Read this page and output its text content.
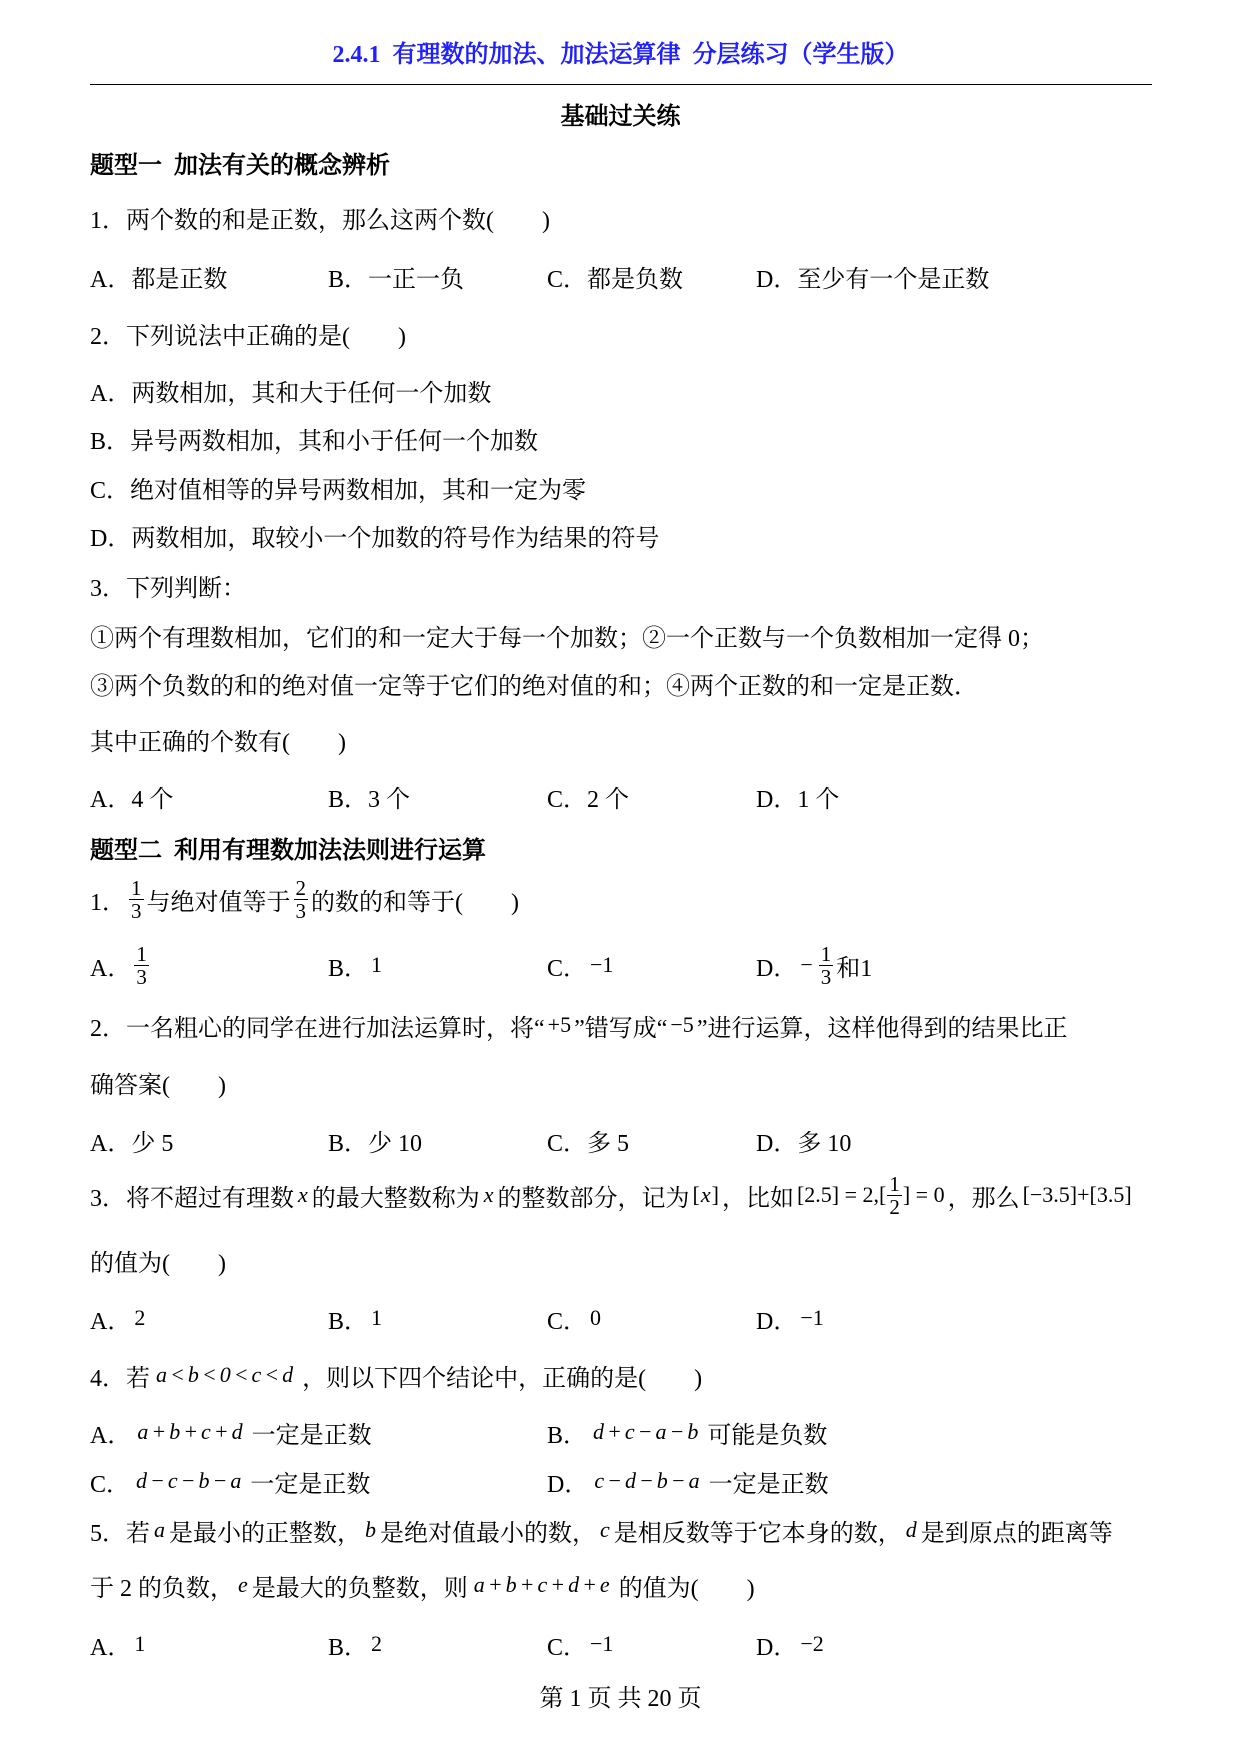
2.4.1  有理数的加法、加法运算律  分层练习（学生版）
基础过关练
题型一  加法有关的概念辨析
1．两个数的和是正数，那么这两个数(　　)
A．都是正数	B．一正一负	C．都是负数	D．至少有一个是正数
2．下列说法中正确的是(　　)
A．两数相加，其和大于任何一个加数
B．异号两数相加，其和小于任何一个加数
C．绝对值相等的异号两数相加，其和一定为零
D．两数相加，取较小一个加数的符号作为结果的符号
3．下列判断：
①两个有理数相加，它们的和一定大于每一个加数；②一个正数与一个负数相加一定得 0；
③两个负数的和的绝对值一定等于它们的绝对值的和；④两个正数的和一定是正数．
其中正确的个数有(　　)
A．4 个	B．3 个	C．2 个	D．1 个
题型二  利用有理数加法法则进行运算
1． $\frac{1}{3}$ 与绝对值等于 $\frac{2}{3}$ 的数的和等于(　　)
A． $\frac{1}{3}$	B． 1	C． −1	D． − $\frac{1}{3}$ 和1
2．一名粗心的同学在进行加法运算时，将“ +5 ”错写成“ −5 ”进行运算，这样他得到的结果比正
确答案(　　)
A．少 5	B．少 10	C．多 5	D．多 10
3．将不超过有理数 x 的最大整数称为 x 的整数部分，记为 [ x ] ，比如 $[2.5] = 2,[ \frac{1}{2}$ ] = 0 ，那么 [−3.5]+[3.5]
的值为(　　)
A． 2	B． 1	C． 0	D． −1
4．若 a<b<0<c<d ，则以下四个结论中，正确的是(　　)
A． a+b+c+d 一定是正数	B． d+c−a−b 可能是负数
C． d−c−b−a 一定是正数	D． c−d−b−a 一定是正数
5．若 a 是最小的正整数， b 是绝对值最小的数， c 是相反数等于它本身的数， d 是到原点的距离等
于 2 的负数， e 是最大的负整数，则 a+b+c+d+e 的值为(　　)
A． 1	B． 2	C． −1	D． −2
第 1 页 共 20 页
